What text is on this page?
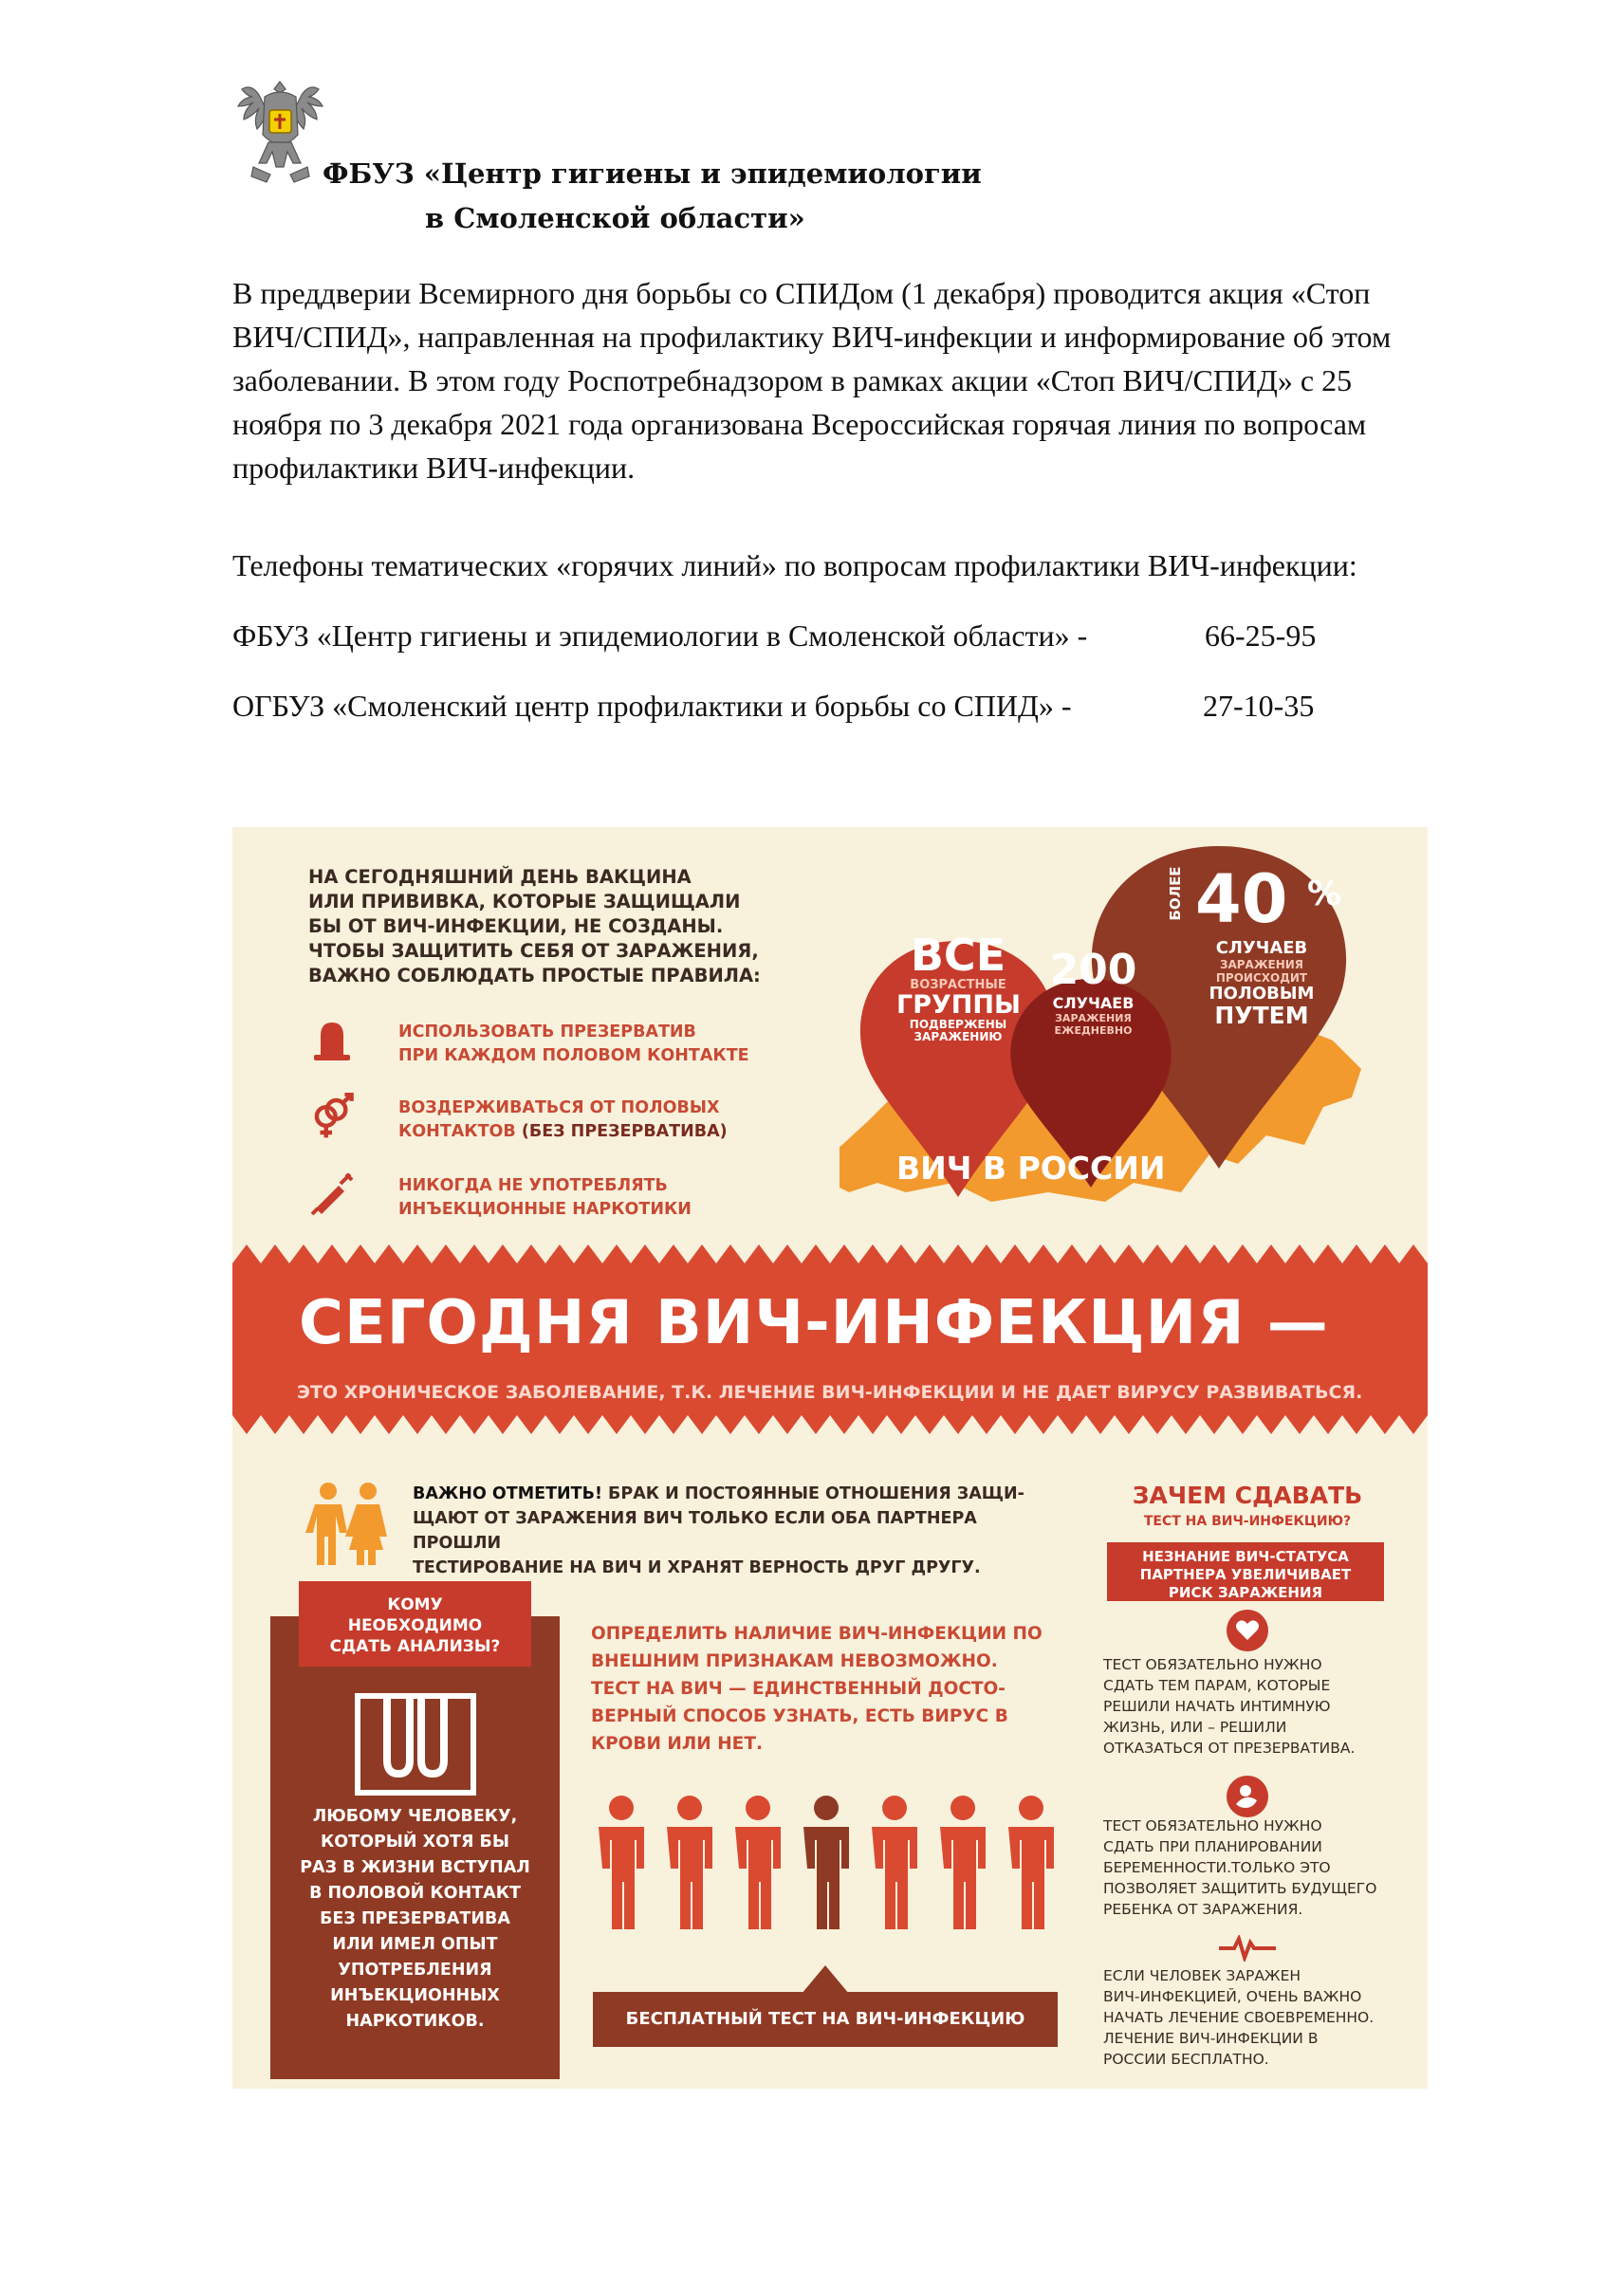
ФБУЗ «Центр гигиены и эпидемиологии
в Смоленской области»
В преддверии Всемирного дня борьбы со СПИДом (1 декабря) проводится акция «Стоп
ВИЧ/СПИД», направленная на профилактику ВИЧ-инфекции и информирование об этом
заболевании. В этом году Роспотребнадзором в рамках акции «Стоп ВИЧ/СПИД» с 25
ноября по 3 декабря 2021 года организована Всероссийская горячая линия по вопросам
профилактики ВИЧ-инфекции.
Телефоны тематических «горячих линий» по вопросам профилактики ВИЧ-инфекции:
ФБУЗ «Центр гигиены и эпидемиологии в Смоленской области» -	66-25-95
ОГБУЗ «Смоленский центр профилактики и борьбы со СПИД» -	27-10-35
НА СЕГОДНЯШНИЙ ДЕНЬ ВАКЦИНА
ИЛИ ПРИВИВКА, КОТОРЫЕ ЗАЩИЩАЛИ
БЫ ОТ ВИЧ-ИНФЕКЦИИ, НЕ СОЗДАНЫ.
ЧТОБЫ ЗАЩИТИТЬ СЕБЯ ОТ ЗАРАЖЕНИЯ,
ВАЖНО СОБЛЮДАТЬ ПРОСТЫЕ ПРАВИЛА:
ИСПОЛЬЗОВАТЬ ПРЕЗЕРВАТИВ
ПРИ КАЖДОМ ПОЛОВОМ КОНТАКТЕ
ВОЗДЕРЖИВАТЬСЯ ОТ ПОЛОВЫХ
КОНТАКТОВ (БЕЗ ПРЕЗЕРВАТИВА)
НИКОГДА НЕ УПОТРЕБЛЯТЬ
ИНЪЕКЦИОННЫЕ НАРКОТИКИ
ВСЕ
ВОЗРАСТНЫЕ
ГРУППЫ
ПОДВЕРЖЕНЫ
ЗАРАЖЕНИЮ
200
СЛУЧАЕВ
ЗАРАЖЕНИЯ
ЕЖЕДНЕВНО
БОЛЕЕ 40 %
СЛУЧАЕВ
ЗАРАЖЕНИЯ
ПРОИСХОДИТ
ПОЛОВЫМ
ПУТЕМ
ВИЧ В РОССИИ
СЕГОДНЯ ВИЧ-ИНФЕКЦИЯ —
ЭТО ХРОНИЧЕСКОЕ ЗАБОЛЕВАНИЕ, Т.К. ЛЕЧЕНИЕ ВИЧ-ИНФЕКЦИИ И НЕ ДАЕТ ВИРУСУ РАЗВИВАТЬСЯ.
ВАЖНО ОТМЕТИТЬ! БРАК И ПОСТОЯННЫЕ ОТНОШЕНИЯ ЗАЩИ-
ЩАЮТ ОТ ЗАРАЖЕНИЯ ВИЧ ТОЛЬКО ЕСЛИ ОБА ПАРТНЕРА ПРОШЛИ
ТЕСТИРОВАНИЕ НА ВИЧ И ХРАНЯТ ВЕРНОСТЬ ДРУГ ДРУГУ.
КОМУ
НЕОБХОДИМО
СДАТЬ АНАЛИЗЫ?
ЛЮБОМУ ЧЕЛОВЕКУ,
КОТОРЫЙ ХОТЯ БЫ
РАЗ В ЖИЗНИ ВСТУПАЛ
В ПОЛОВОЙ КОНТАКТ
БЕЗ ПРЕЗЕРВАТИВА
ИЛИ ИМЕЛ ОПЫТ
УПОТРЕБЛЕНИЯ
ИНЪЕКЦИОННЫХ
НАРКОТИКОВ.
ОПРЕДЕЛИТЬ НАЛИЧИЕ ВИЧ-ИНФЕКЦИИ ПО
ВНЕШНИМ ПРИЗНАКАМ НЕВОЗМОЖНО.
ТЕСТ НА ВИЧ — ЕДИНСТВЕННЫЙ ДОСТО-
ВЕРНЫЙ СПОСОБ УЗНАТЬ, ЕСТЬ ВИРУС В
КРОВИ ИЛИ НЕТ.
БЕСПЛАТНЫЙ ТЕСТ НА ВИЧ-ИНФЕКЦИЮ
ЗАЧЕМ СДАВАТЬ
ТЕСТ НА ВИЧ-ИНФЕКЦИЮ?
НЕЗНАНИЕ ВИЧ-СТАТУСА
ПАРТНЕРА УВЕЛИЧИВАЕТ
РИСК ЗАРАЖЕНИЯ
ТЕСТ ОБЯЗАТЕЛЬНО НУЖНО
СДАТЬ ТЕМ ПАРАМ, КОТОРЫЕ
РЕШИЛИ НАЧАТЬ ИНТИМНУЮ
ЖИЗНЬ, ИЛИ – РЕШИЛИ
ОТКАЗАТЬСЯ ОТ ПРЕЗЕРВАТИВА.
ТЕСТ ОБЯЗАТЕЛЬНО НУЖНО
СДАТЬ ПРИ ПЛАНИРОВАНИИ
БЕРЕМЕННОСТИ.ТОЛЬКО ЭТО
ПОЗВОЛЯЕТ ЗАЩИТИТЬ БУДУЩЕГО
РЕБЕНКА ОТ ЗАРАЖЕНИЯ.
ЕСЛИ ЧЕЛОВЕК ЗАРАЖЕН
ВИЧ-ИНФЕКЦИЕЙ, ОЧЕНЬ ВАЖНО
НАЧАТЬ ЛЕЧЕНИЕ СВОЕВРЕМЕННО.
ЛЕЧЕНИЕ ВИЧ-ИНФЕКЦИИ В
РОССИИ БЕСПЛАТНО.
